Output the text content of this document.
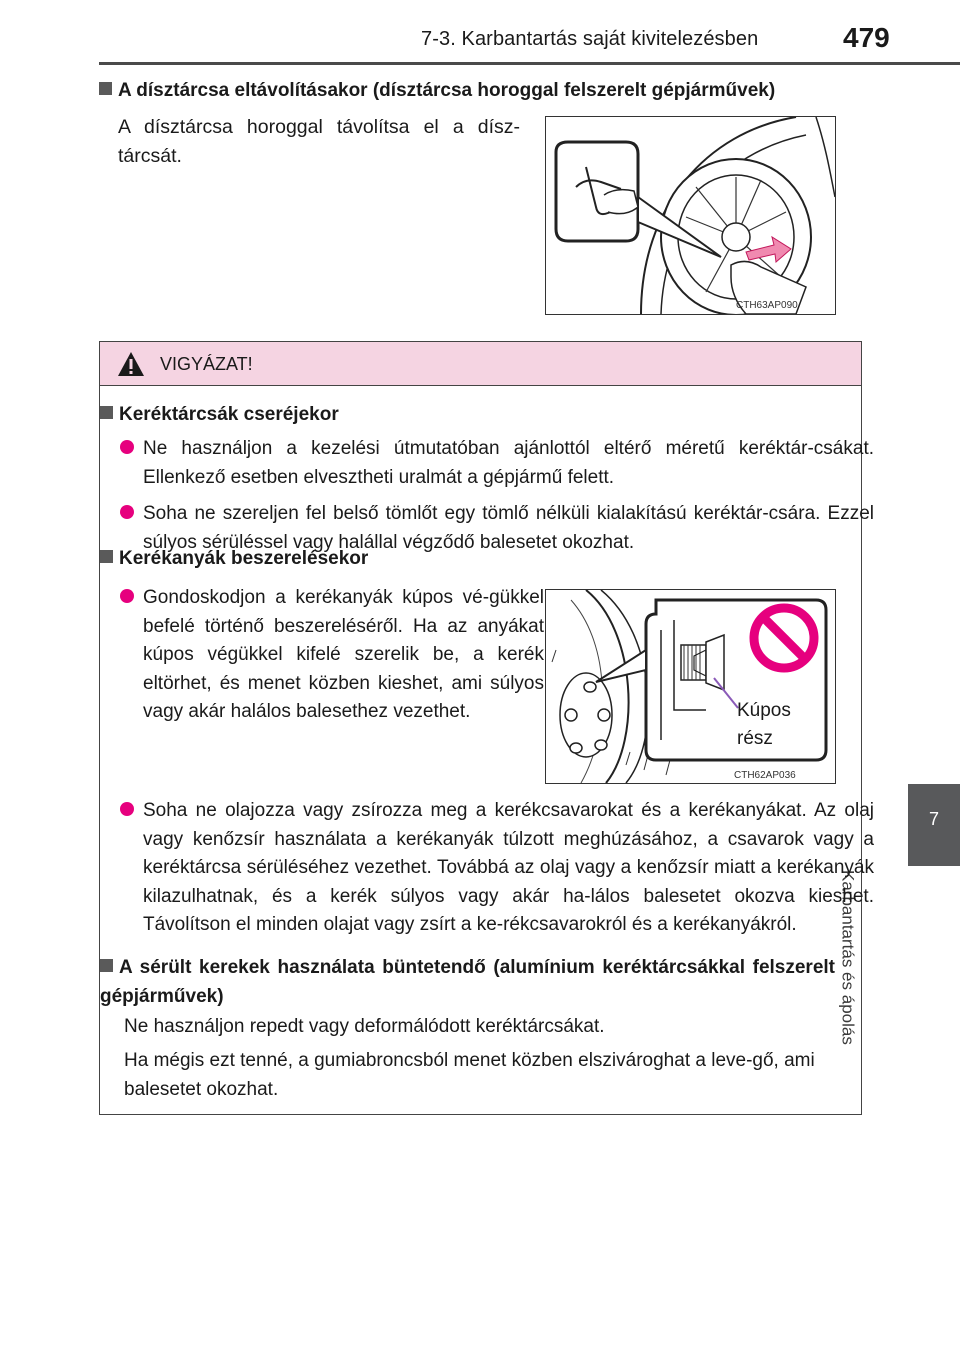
7-3. Karbantartás saját kivitelezésben	479
7
Karbantartás és ápolás
A dísztárcsa eltávolításakor (dísztárcsa horoggal felszerelt gépjárművek)
A dísztárcsa horoggal távolítsa el a dísz-tárcsát.
CTH63AP090
VIGYÁZAT!
Keréktárcsák cseréjekor
Ne használjon a kezelési útmutatóban ajánlottól eltérő méretű keréktár-csákat. Ellenkező esetben elvesztheti uralmát a gépjármű felett.
Soha ne szereljen fel belső tömlőt egy tömlő nélküli kialakítású keréktár-csára. Ezzel súlyos sérüléssel vagy halállal végződő balesetet okozhat.
Kerékanyák beszerelésekor
Gondoskodjon a kerékanyák kúpos vé-gükkel befelé történő beszereléséről. Ha az anyákat kúpos végükkel kifelé szerelik be, a kerék eltörhet, és menet közben kieshet, ami súlyos vagy akár halálos balesethez vezethet.
Soha ne olajozza vagy zsírozza meg a kerékcsavarokat és a kerékanyákat. Az olaj vagy kenőzsír használata a kerékanyák túlzott meghúzásához, a csavarok vagy a keréktárcsa sérüléséhez vezethet. Továbbá az olaj vagy a kenőzsír miatt a kerékanyák kilazulhatnak, és a kerék súlyos vagy akár ha-lálos balesetet okozva kieshet. Távolítson el minden olajat vagy zsírt a ke-rékcsavarokról és a kerékanyákról.
A sérült kerekek használata büntetendő (alumínium keréktárcsákkal felszerelt gépjárművek)
Ne használjon repedt vagy deformálódott keréktárcsákat.
Ha mégis ezt tenné, a gumiabroncsból menet közben elszivároghat a leve-gő, ami balesetet okozhat.
CTH62AP036
Kúpos rész
